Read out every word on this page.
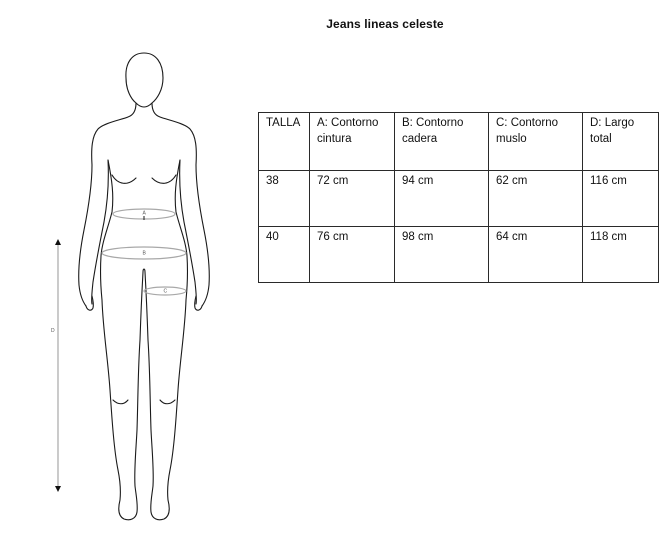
Jeans lineas celeste
A
B
C
D
TALLA	A: Contorno cintura	B: Contorno cadera	C: Contorno muslo	D: Largo total
38	72 cm	94 cm	62 cm	116 cm
40	76 cm	98 cm	64 cm	118 cm
